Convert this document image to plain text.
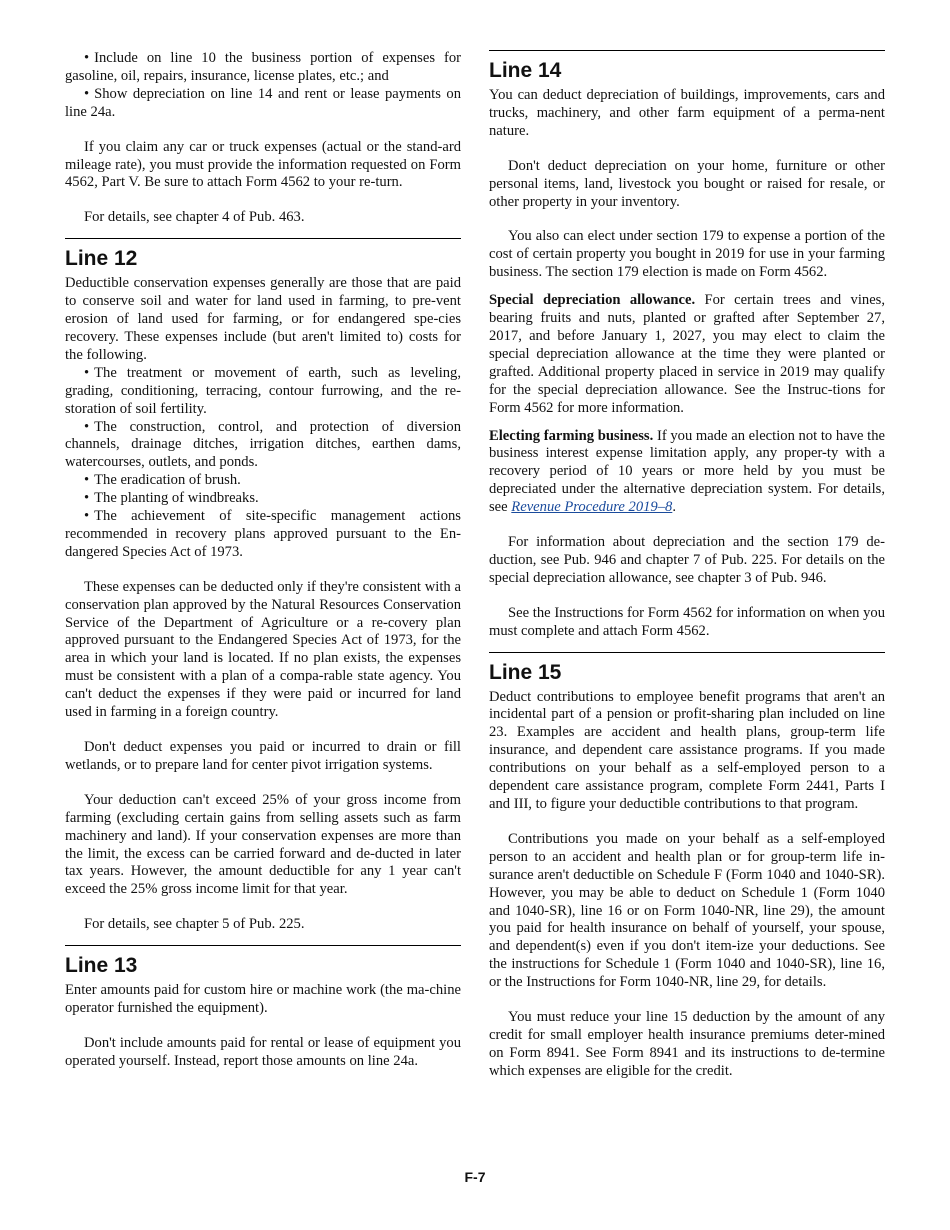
• Include on line 10 the business portion of expenses for gasoline, oil, repairs, insurance, license plates, etc.; and

• Show depreciation on line 14 and rent or lease payments on line 24a.

If you claim any car or truck expenses (actual or the stand-ard mileage rate), you must provide the information requested on Form 4562, Part V. Be sure to attach Form 4562 to your re-turn.

For details, see chapter 4 of Pub. 463.

Line 12

Deductible conservation expenses generally are those that are paid to conserve soil and water for land used in farming, to pre-vent erosion of land used for farming, or for endangered spe-cies recovery. These expenses include (but aren't limited to) costs for the following.

• The treatment or movement of earth, such as leveling, grading, conditioning, terracing, contour furrowing, and the re-storation of soil fertility.

• The construction, control, and protection of diversion channels, drainage ditches, irrigation ditches, earthen dams, watercourses, outlets, and ponds.

• The eradication of brush.

• The planting of windbreaks.

• The achievement of site-specific management actions recommended in recovery plans approved pursuant to the En-dangered Species Act of 1973.

These expenses can be deducted only if they're consistent with a conservation plan approved by the Natural Resources Conservation Service of the Department of Agriculture or a re-covery plan approved pursuant to the Endangered Species Act of 1973, for the area in which your land is located. If no plan exists, the expenses must be consistent with a plan of a compa-rable state agency. You can't deduct the expenses if they were paid or incurred for land used in farming in a foreign country.

Don't deduct expenses you paid or incurred to drain or fill wetlands, or to prepare land for center pivot irrigation systems.

Your deduction can't exceed 25% of your gross income from farming (excluding certain gains from selling assets such as farm machinery and land). If your conservation expenses are more than the limit, the excess can be carried forward and de-ducted in later tax years. However, the amount deductible for any 1 year can't exceed the 25% gross income limit for that year.

For details, see chapter 5 of Pub. 225.

Line 13

Enter amounts paid for custom hire or machine work (the ma-chine operator furnished the equipment).

Don't include amounts paid for rental or lease of equipment you operated yourself. Instead, report those amounts on line 24a.

Line 14

You can deduct depreciation of buildings, improvements, cars and trucks, machinery, and other farm equipment of a perma-nent nature.

Don't deduct depreciation on your home, furniture or other personal items, land, livestock you bought or raised for resale, or other property in your inventory.

You also can elect under section 179 to expense a portion of the cost of certain property you bought in 2019 for use in your farming business. The section 179 election is made on Form 4562.

Special depreciation allowance. For certain trees and vines, bearing fruits and nuts, planted or grafted after September 27, 2017, and before January 1, 2027, you may elect to claim the special depreciation allowance at the time they were planted or grafted. Additional property placed in service in 2019 may qualify for the special depreciation allowance. See the Instruc-tions for Form 4562 for more information.

Electing farming business. If you made an election not to have the business interest expense limitation apply, any proper-ty with a recovery period of 10 years or more held by you must be depreciated under the alternative depreciation system. For details, see Revenue Procedure 2019–8.

For information about depreciation and the section 179 de-duction, see Pub. 946 and chapter 7 of Pub. 225. For details on the special depreciation allowance, see chapter 3 of Pub. 946.

See the Instructions for Form 4562 for information on when you must complete and attach Form 4562.

Line 15

Deduct contributions to employee benefit programs that aren't an incidental part of a pension or profit-sharing plan included on line 23. Examples are accident and health plans, group-term life insurance, and dependent care assistance programs. If you made contributions on your behalf as a self-employed person to a dependent care assistance program, complete Form 2441, Parts I and III, to figure your deductible contributions to that program.

Contributions you made on your behalf as a self-employed person to an accident and health plan or for group-term life in-surance aren't deductible on Schedule F (Form 1040 and 1040-SR). However, you may be able to deduct on Schedule 1 (Form 1040 and 1040-SR), line 16 or on Form 1040-NR, line 29), the amount you paid for health insurance on behalf of yourself, your spouse, and dependent(s) even if you don't item-ize your deductions. See the instructions for Schedule 1 (Form 1040 and 1040-SR), line 16, or the Instructions for Form 1040-NR, line 29, for details.

You must reduce your line 15 deduction by the amount of any credit for small employer health insurance premiums deter-mined on Form 8941. See Form 8941 and its instructions to de-termine which expenses are eligible for the credit.

F-7
